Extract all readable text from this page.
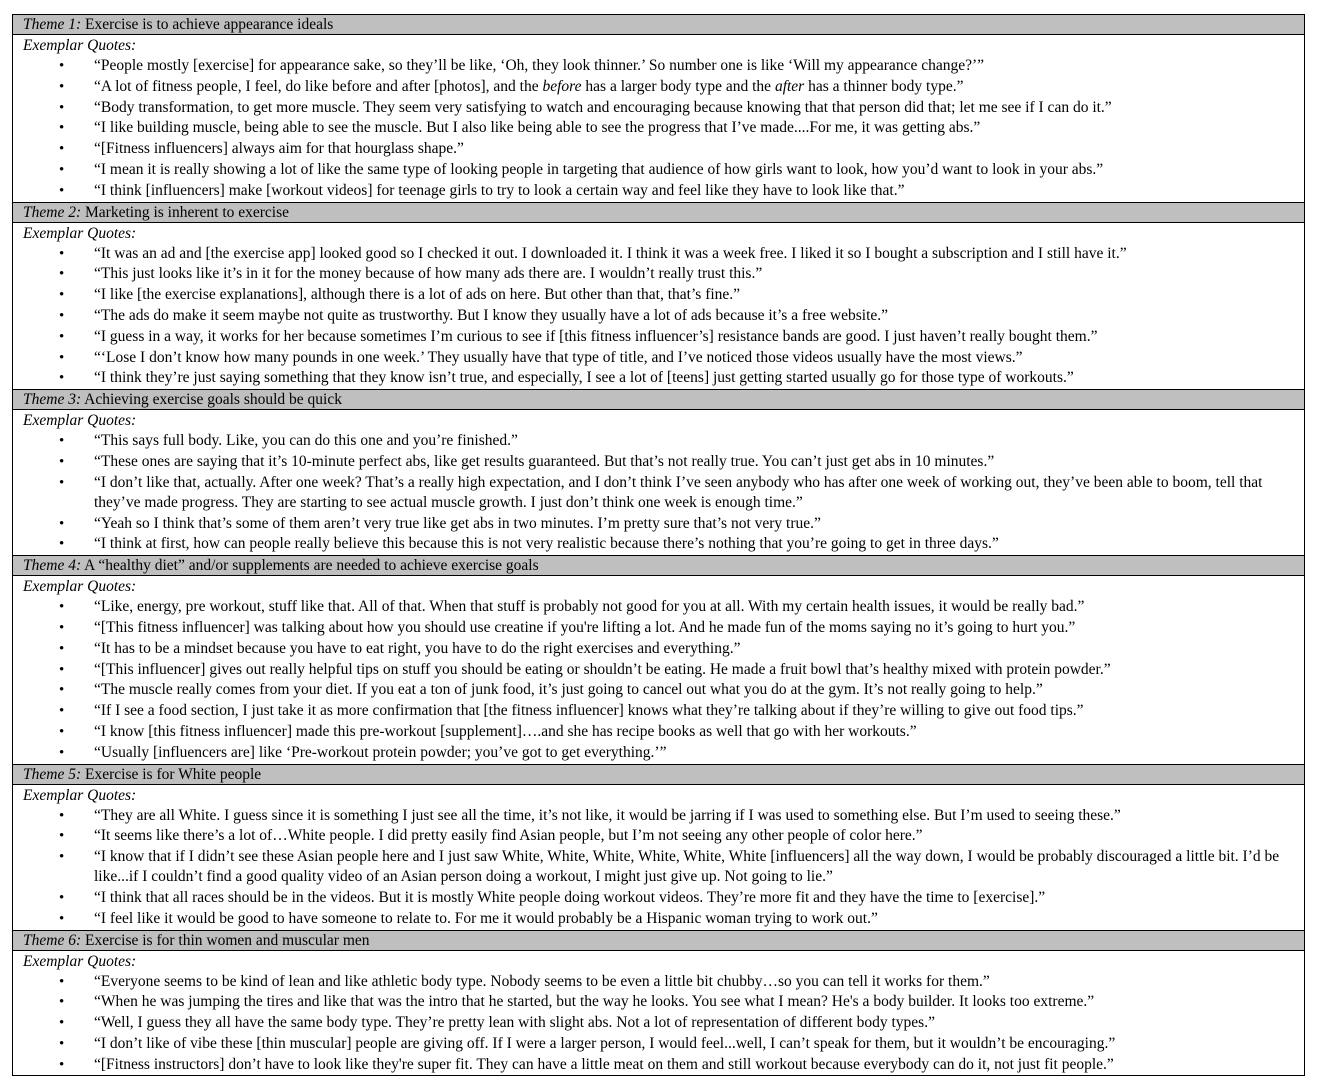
Theme 1: Exercise is to achieve appearance ideals
Exemplar Quotes:
• “People mostly [exercise] for appearance sake, so they’ll be like, ‘Oh, they look thinner.’ So number one is like ‘Will my appearance change?’”
• “A lot of fitness people, I feel, do like before and after [photos], and the before has a larger body type and the after has a thinner body type.”
• “Body transformation, to get more muscle. They seem very satisfying to watch and encouraging because knowing that that person did that; let me see if I can do it.”
• “I like building muscle, being able to see the muscle. But I also like being able to see the progress that I’ve made....For me, it was getting abs.”
• “[Fitness influencers] always aim for that hourglass shape.”
• “I mean it is really showing a lot of like the same type of looking people in targeting that audience of how girls want to look, how you’d want to look in your abs.”
• “I think [influencers] make [workout videos] for teenage girls to try to look a certain way and feel like they have to look like that.”
Theme 2: Marketing is inherent to exercise
Exemplar Quotes:
• “It was an ad and [the exercise app] looked good so I checked it out. I downloaded it. I think it was a week free. I liked it so I bought a subscription and I still have it.”
• “This just looks like it’s in it for the money because of how many ads there are. I wouldn’t really trust this.”
• “I like [the exercise explanations], although there is a lot of ads on here. But other than that, that’s fine.”
• “The ads do make it seem maybe not quite as trustworthy. But I know they usually have a lot of ads because it’s a free website.”
• “I guess in a way, it works for her because sometimes I’m curious to see if [this fitness influencer’s] resistance bands are good. I just haven’t really bought them.”
• “‘Lose I don’t know how many pounds in one week.’ They usually have that type of title, and I’ve noticed those videos usually have the most views.”
• “I think they’re just saying something that they know isn’t true, and especially, I see a lot of [teens] just getting started usually go for those type of workouts.”
Theme 3: Achieving exercise goals should be quick
Exemplar Quotes:
• “This says full body. Like, you can do this one and you’re finished.”
• “These ones are saying that it’s 10-minute perfect abs, like get results guaranteed. But that’s not really true. You can’t just get abs in 10 minutes.”
• “I don’t like that, actually. After one week? That’s a really high expectation, and I don’t think I’ve seen anybody who has after one week of working out, they’ve been able to boom, tell that they’ve made progress. They are starting to see actual muscle growth. I just don’t think one week is enough time.”
• “Yeah so I think that’s some of them aren’t very true like get abs in two minutes. I’m pretty sure that’s not very true.”
• “I think at first, how can people really believe this because this is not very realistic because there’s nothing that you’re going to get in three days.”
Theme 4: A “healthy diet” and/or supplements are needed to achieve exercise goals
Exemplar Quotes:
• “Like, energy, pre workout, stuff like that. All of that. When that stuff is probably not good for you at all. With my certain health issues, it would be really bad.”
• “[This fitness influencer] was talking about how you should use creatine if you're lifting a lot. And he made fun of the moms saying no it’s going to hurt you.”
• “It has to be a mindset because you have to eat right, you have to do the right exercises and everything.”
• “[This influencer] gives out really helpful tips on stuff you should be eating or shouldn’t be eating. He made a fruit bowl that’s healthy mixed with protein powder.”
• “The muscle really comes from your diet. If you eat a ton of junk food, it’s just going to cancel out what you do at the gym. It’s not really going to help.”
• “If I see a food section, I just take it as more confirmation that [the fitness influencer] knows what they’re talking about if they’re willing to give out food tips.”
• “I know [this fitness influencer] made this pre-workout [supplement]….and she has recipe books as well that go with her workouts.”
• “Usually [influencers are] like ‘Pre-workout protein powder; you’ve got to get everything.’”
Theme 5: Exercise is for White people
Exemplar Quotes:
• “They are all White. I guess since it is something I just see all the time, it’s not like, it would be jarring if I was used to something else. But I’m used to seeing these.”
• “It seems like there’s a lot of…White people. I did pretty easily find Asian people, but I’m not seeing any other people of color here.”
• “I know that if I didn’t see these Asian people here and I just saw White, White, White, White, White, White [influencers] all the way down, I would be probably discouraged a little bit. I’d be like...if I couldn’t find a good quality video of an Asian person doing a workout, I might just give up. Not going to lie.”
• “I think that all races should be in the videos. But it is mostly White people doing workout videos. They’re more fit and they have the time to [exercise].”
• “I feel like it would be good to have someone to relate to. For me it would probably be a Hispanic woman trying to work out.”
Theme 6: Exercise is for thin women and muscular men
Exemplar Quotes:
• “Everyone seems to be kind of lean and like athletic body type. Nobody seems to be even a little bit chubby…so you can tell it works for them.”
• “When he was jumping the tires and like that was the intro that he started, but the way he looks. You see what I mean? He's a body builder. It looks too extreme.”
• “Well, I guess they all have the same body type. They’re pretty lean with slight abs. Not a lot of representation of different body types.”
• “I don’t like of vibe these [thin muscular] people are giving off. If I were a larger person, I would feel...well, I can’t speak for them, but it wouldn’t be encouraging.”
• “[Fitness instructors] don’t have to look like they're super fit. They can have a little meat on them and still workout because everybody can do it, not just fit people.”
